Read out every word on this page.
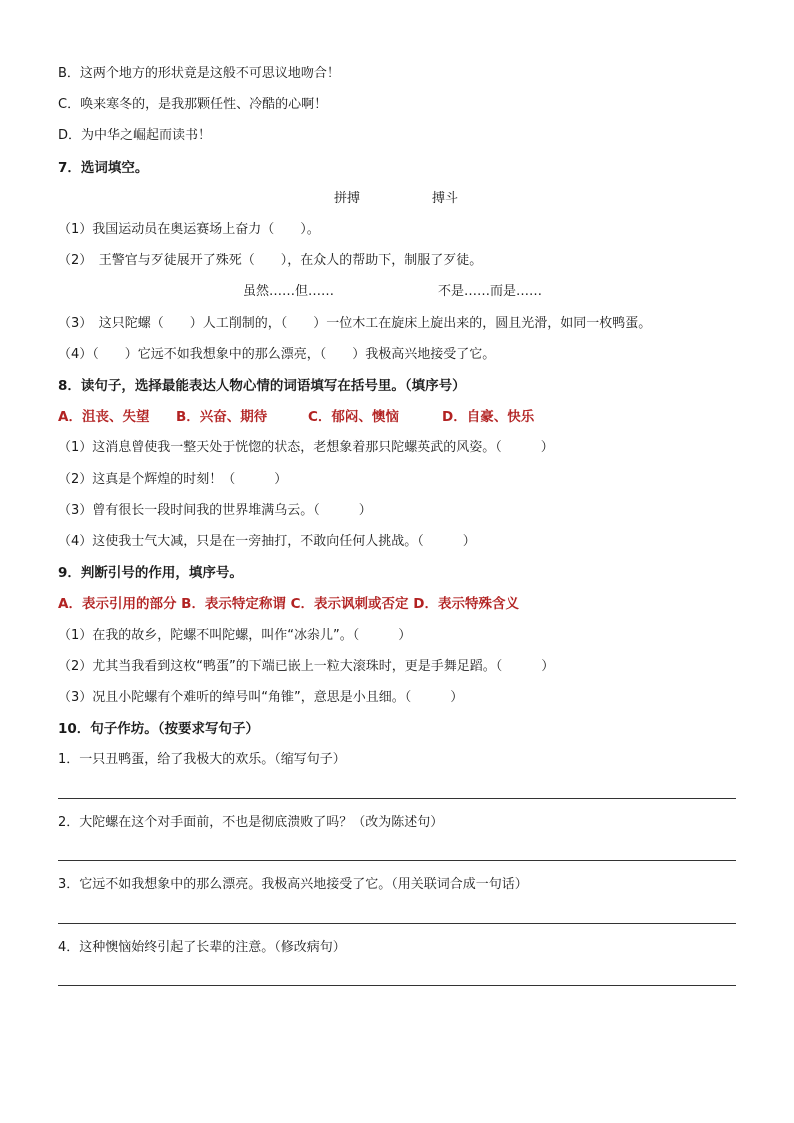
B．这两个地方的形状竟是这般不可思议地吻合！
C．唤来寒冬的，是我那颗任性、冷酷的心啊！
D．为中华之崛起而读书！
7．选词填空。
拼搏	搏斗
（1）我国运动员在奥运赛场上奋力（　　）。
（2）　王警官与歹徒展开了殊死（　　），在众人的帮助下，制服了歹徒。
虽然……但……	不是……而是……
（3）　这只陀螺（　　）人工削制的，（　　）一位木工在旋床上旋出来的，圆且光滑，如同一枚鸭蛋。
（4）（　　）它远不如我想象中的那么漂亮，（　　）我极高兴地接受了它。
8．读句子，选择最能表达人物心情的词语填写在括号里。（填序号）
A．沮丧、失望 B．兴奋、期待	C．郁闷、懊恼	D．自豪、快乐
（1）这消息曾使我一整天处于恍惚的状态，老想象着那只陀螺英武的风姿。（　　　）
（2）这真是个辉煌的时刻！（　　　）
（3）曾有很长一段时间我的世界堆满乌云。（　　　）
（4）这使我士气大减，只是在一旁抽打，不敢向任何人挑战。（　　　）
9．判断引号的作用，填序号。
A．表示引用的部分 B．表示特定称谓 C．表示讽刺或否定 D．表示特殊含义
（1）在我的故乡，陀螺不叫陀螺，叫作“冰尜儿”。（　　　）
（2）尤其当我看到这枚“鸭蛋”的下端已嵌上一粒大滚珠时，更是手舞足蹈。（　　　）
（3）况且小陀螺有个难听的绰号叫“角锥”，意思是小且细。（　　　）
10．句子作坊。（按要求写句子）
1．一只丑鸭蛋，给了我极大的欢乐。（缩写句子）
2．大陀螺在这个对手面前，不也是彻底溃败了吗？（改为陈述句）
3．它远不如我想象中的那么漂亮。我极高兴地接受了它。（用关联词合成一句话）
4．这种懊恼始终引起了长辈的注意。（修改病句）
